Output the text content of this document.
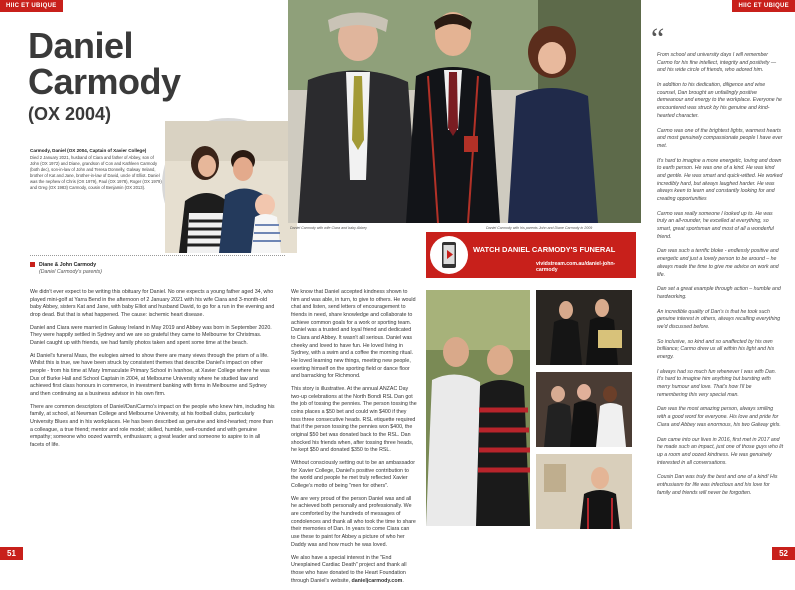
HIIC ET UBIQUE	HIIC ET UBIQUE
Daniel
Carmody
(OX 2004)
Carmody, Daniel (OX 2004, Captain of Xavier College)
Died 2 January 2021, husband of Ciara and father of Abbey, son of John (OX 1972) and Diane, grandson of Con and Kathleen Carmody (both dec), son-in-law of John and Teresa Donnelly, Galway Ireland, brother of Kat and Jane, brother-in-law of David, uncle of Elliot. Daniel was the nephew of Chris (OX 1979), Paul (OX 1978), Roger (OX 1979) and Greg (OX 1983) Carmody, cousin of Benjamin (OX 2013).
Diane & John Carmody
(Daniel Carmody's parents)

We didn't ever expect to be writing this obituary for Daniel. No one expects a young father aged 34, who played mini-golf at Yarra Bend in the afternoon of 2 January 2021 with his wife Ciara and 3-month-old baby Abbey, sisters Kat and Jane, with baby Elliot and husband David, to go for a run in the evening and drop dead. But that is what happened. The cause: ischemic heart disease.

Daniel and Ciara were married in Galway Ireland in May 2019 and Abbey was born in September 2020. They were happily settled in Sydney and we are so grateful they came to Melbourne for Christmas. Daniel caught up with friends, we had family photos taken and spent some time at the beach.

At Daniel's funeral Mass, the eulogies aimed to show there are many views through the prism of a life. Whilst this is true, we have been struck by consistent themes that describe Daniel's impact on other people - from his time at Mary Immaculate Primary School in Ivanhoe, at Xavier College where he was Dux of Burke Hall and School Captain in 2004, at Melbourne University where he studied law and achieved first class honours in commerce, in investment banking with firms in Melbourne and Sydney and then continuing as a business advisor in his own firm.

There are common descriptors of Daniel/Dan/Carmo's impact on the people who knew him, including his family, at school, at Newman College and Melbourne University, at his football clubs, particularly University Blues and in his workplaces. He has been described as genuine and kind-hearted; more than a colleague, a true friend; mentor and role model; skilled, humble, well-rounded and with genuine empathy; someone who oozed warmth, enthusiasm; a great leader and someone to aspire to in all facets of life.

We know that Daniel accepted kindness shown to him and was able, in turn, to give to others. He would chat and listen, send letters of encouragement to friends in need, share knowledge and collaborate to achieve common goals for a work or sporting team. Daniel was a trusted and loyal friend and dedicated to Ciara and Abbey. It wasn't all serious. Daniel was cheeky and loved to have fun. He loved living in Sydney, with a swim and a coffee the morning ritual. He loved learning new things, meeting new people, exerting himself on the sporting field or dance floor and barracking for Richmond.

This story is illustrative. At the annual ANZAC Day two-up celebrations at the North Bondi RSL Dan got the job of tossing the pennies. The person tossing the coins places a $50 bet and could win $400 if they toss three consecutive heads. RSL etiquette required that if the person tossing the pennies won $400, the original $50 bet was donated back to the RSL. Dan shocked his friends when, after tossing three heads, he kept $50 and donated $350 to the RSL.

Without consciously setting out to be an ambassador for Xavier College, Daniel's positive contribution to the world and people he met truly reflected Xavier College's motto of being "men for others".

We are very proud of the person Daniel was and all he achieved both personally and professionally. We are comforted by the hundreds of messages of condolences and thank all who took the time to share their memories of Dan. In years to come Ciara can use these to paint for Abbey a picture of who her Daddy was and how much he was loved.

We also have a special interest in the "End Unexplained Cardiac Death" project and thank all those who have donated to the Heart Foundation through Daniel's website, danieljcarmody.com.

Daniel Carmody with wife Ciara and baby Abbey	Daniel Carmody with his parents John and Diane Carmody in 2009
WATCH DANIEL CARMODY'S FUNERAL
vividstream.com.au/daniel-john-carmody
“

From school and university days I will remember Carmo for his fine intellect, integrity and positivity — and his wide circle of friends, who adored him.

In addition to his dedication, diligence and wise counsel, Dan brought an unfailingly positive demeanour and energy to the workplace. Everyone he encountered was struck by his genuine and kind-hearted character.

Carmo was one of the brightest lights, warmest hearts and most genuinely compassionate people I have ever met.

It's hard to imagine a more energetic, loving and down to earth person. He was one of a kind. He was kind and gentle. He was smart and quick-witted. He worked incredibly hard, but always laughed harder. He was always keen to learn and constantly looking for and creating opportunities

Carmo was really someone I looked up to. He was truly an all-rounder, he excelled at everything, so smart, great sportsman and most of all a wonderful friend.

Dan was such a terrific bloke - endlessly positive and energetic and just a lovely person to be around – he always made the time to give me advice on work and life.

Dan set a great example through action – humble and hardworking.

An incredible quality of Dan's is that he took such genuine interest in others, always recalling everything we'd discussed before.

So inclusive, so kind and so unaffected by his own brilliance; Carmo drew us all within his light and his energy.

I always had so much fun whenever I was with Dan. It's hard to imagine him anything but bursting with merry humour and love. That's how I'll be remembering this very special man.

Dan was the most amazing person, always smiling with a good word for everyone. His love and pride for Ciara and Abbey was enormous, his two Galway girls.

Dan came into our lives in 2016, first met in 2017 and he made such an impact, just one of those guys who lit up a room and oozed kindness. He was genuinely interested in all conversations.

Cousin Dan was truly the best and one of a kind! His enthusiasm for life was infectious and his love for family and friends will never be forgotten.

51	52
